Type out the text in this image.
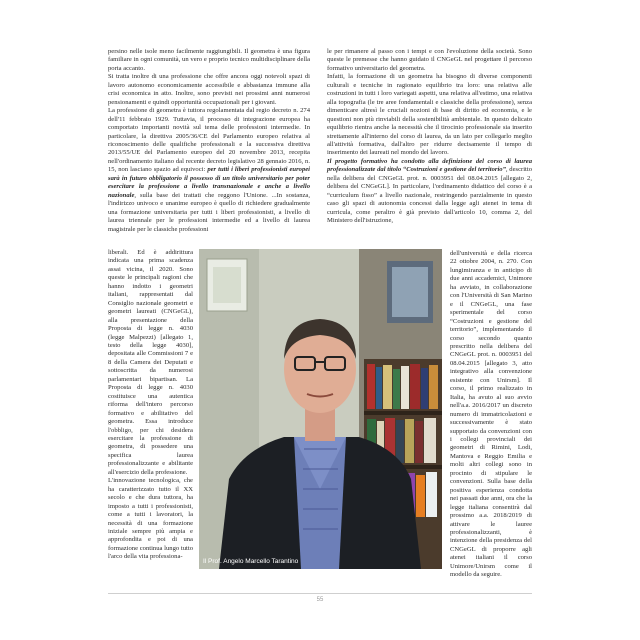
persino nelle isole meno facilmente raggiungibili. Il geometra è una figura familiare in ogni comunità, un vero e proprio tecnico multidisciplinare della porta accanto.

Si tratta inoltre di una professione che offre ancora oggi notevoli spazi di lavoro autonomo economicamente accessibile e abbastanza immune alla crisi economica in atto. Inoltre, sono previsti nei prossimi anni numerosi pensionamenti e quindi opportunità occupazionali per i giovani.

La professione di geometra è tuttora regolamentata dal regio decreto n. 274 dell'11 febbraio 1929. Tuttavia, il processo di integrazione europea ha comportato importanti novità sul tema delle professioni intermedie. In particolare, la direttiva 2005/36/CE del Parlamento europeo relativa al riconoscimento delle qualifiche professionali e la successiva direttiva 2013/55/UE del Parlamento europeo del 20 novembre 2013, recepita nell'ordinamento italiano dal recente decreto legislativo 28 gennaio 2016, n. 15, non lasciano spazio ad equivoci: per tutti i liberi professionisti europei sarà in futuro obbligatorio il possesso di un titolo universitario per poter esercitare la professione a livello transnazionale e anche a livello nazionale, sulla base dei trattati che reggono l'Unione. ...In sostanza, l'indirizzo univoco e unanime europeo è quello di richiedere gradualmente una formazione universitaria per tutti i liberi professionisti, a livello di laurea triennale per le professioni intermedie ed a livello di laurea magistrale per le classiche professioni

liberali. Ed è addirittura indicata una prima scadenza assai vicina, il 2020. Sono queste le principali ragioni che hanno indotto i geometri italiani, rappresentati dal Consiglio nazionale geometri e geometri laureati (CNGeGL), alla presentazione della Proposta di legge n. 4030 (legge Malpezzi) [allegato 1, testo della legge 4030], depositata alle Commissioni 7 e 8 della Camera dei Deputati e sottoscritta da numerosi parlamentari bipartisan. La Proposta di legge n. 4030 costituisce una autentica riforma dell'intero percorso formativo e abilitativo del geometra. Essa introduce l'obbligo, per chi desidera esercitare la professione di geometra, di possedere una specifica laurea professionalizzante e abilitante all'esercizio della professione.

L'innovazione tecnologica, che ha caratterizzato tutto il XX secolo e che dura tuttora, ha imposto a tutti i professionisti, come a tutti i lavoratori, la necessità di una formazione iniziale sempre più ampia e approfondita e poi di una formazione continua lungo tutto l'arco della vita professiona-

le per rimanere al passo con i tempi e con l'evoluzione della società. Sono queste le premesse che hanno guidato il CNGeGL nel progettare il percorso formativo universitario del geometra.

Infatti, la formazione di un geometra ha bisogno di diverse componenti culturali e tecniche in ragionato equilibrio tra loro: una relativa alle costruzioni in tutti i loro variegati aspetti, una relativa all'estimo, una relativa alla topografia (le tre aree fondamentali e classiche della professione), senza dimenticare altresì le cruciali nozioni di base di diritto ed economia, e le questioni non più rinviabili della sostenibilità ambientale. In questo delicato equilibrio rientra anche la necessità che il tirocinio professionale sia inserito strettamente all'interno del corso di laurea, da un lato per collegarlo meglio all'attività formativa, dall'altro per ridurre decisamente il tempo di inserimento dei laureati nel mondo del lavoro.

Il progetto formativo ha condotto alla definizione del corso di laurea professionalizzate dal titolo “Costruzioni e gestione del territorio”, descritto nella delibera del CNGeGL prot. n. 0003951 del 08.04.2015 [allegato 2, delibera del CNGeGL]. In particolare, l'ordinamento didattico del corso è a “curriculum fisso” a livello nazionale, restringendo parzialmente in questo caso gli spazi di autonomia concessi dalla legge agli atenei in tema di curricula, come peraltro è già previsto dall'articolo 10, comma 2, del Ministero dell'istruzione,

dell'università e della ricerca 22 ottobre 2004, n. 270. Con lungimiranza e in anticipo di due anni accademici, Unimore ha avviato, in collaborazione con l'Università di San Marino e il CNGeGL, una fase sperimentale del corso “Costruzioni e gestione del territorio”, implementando il corso secondo quanto prescritto nella delibera del CNGeGL prot. n. 0003951 del 08.04.2015 [allegato 3, atto integrativo alla convenzione esistente con Unirsm]. Il corso, il primo realizzato in Italia, ha avuto al suo avvio nell'a.a. 2016/2017 un discreto numero di immatricolazioni e successivamente è stato supportato da convenzioni con i collegi provinciali dei geometri di Rimini, Lodi, Mantova e Reggio Emilia e molti altri collegi sono in procinto di stipulare le convenzioni. Sulla base della positiva esperienza condotta nei passati due anni, ora che la legge italiana consentirà dal prossimo a.a. 2018/2019 di attivare le lauree professionalizzanti, è intenzione della presidenza del CNGeGL di proporre agli atenei italiani il corso Unimore/Unirsm come il modello da seguire.

Il Prof. Angelo Marcello Tarantino
55
